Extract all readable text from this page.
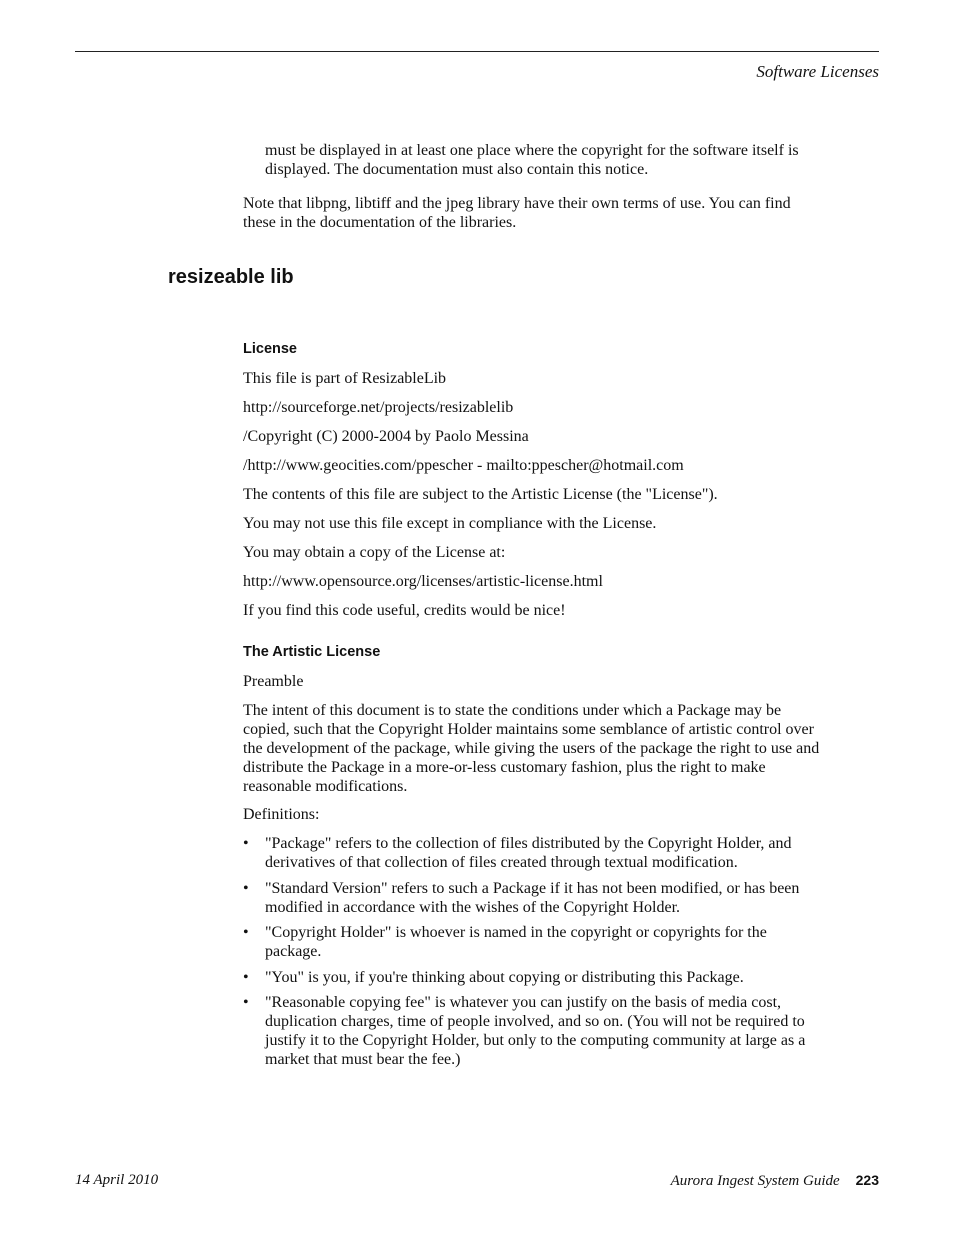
Software Licenses

must be displayed in at least one place where the copyright for the software itself is displayed. The documentation must also contain this notice.

Note that libpng, libtiff and the jpeg library have their own terms of use. You can find these in the documentation of the libraries.

resizeable lib
License

This file is part of ResizableLib

http://sourceforge.net/projects/resizablelib

/Copyright (C) 2000-2004 by Paolo Messina

/http://www.geocities.com/ppescher - mailto:ppescher@hotmail.com

The contents of this file are subject to the Artistic License (the "License").

You may not use this file except in compliance with the License.

You may obtain a copy of the License at:

http://www.opensource.org/licenses/artistic-license.html

If you find this code useful, credits would be nice!

The Artistic License

Preamble

The intent of this document is to state the conditions under which a Package may be copied, such that the Copyright Holder maintains some semblance of artistic control over the development of the package, while giving the users of the package the right to use and distribute the Package in a more-or-less customary fashion, plus the right to make reasonable modifications.

Definitions:

• "Package" refers to the collection of files distributed by the Copyright Holder, and derivatives of that collection of files created through textual modification.
• "Standard Version" refers to such a Package if it has not been modified, or has been modified in accordance with the wishes of the Copyright Holder.
• "Copyright Holder" is whoever is named in the copyright or copyrights for the package.
• "You" is you, if you're thinking about copying or distributing this Package.
• "Reasonable copying fee" is whatever you can justify on the basis of media cost, duplication charges, time of people involved, and so on. (You will not be required to justify it to the Copyright Holder, but only to the computing community at large as a market that must bear the fee.)
14 April 2010	Aurora Ingest System Guide 223
